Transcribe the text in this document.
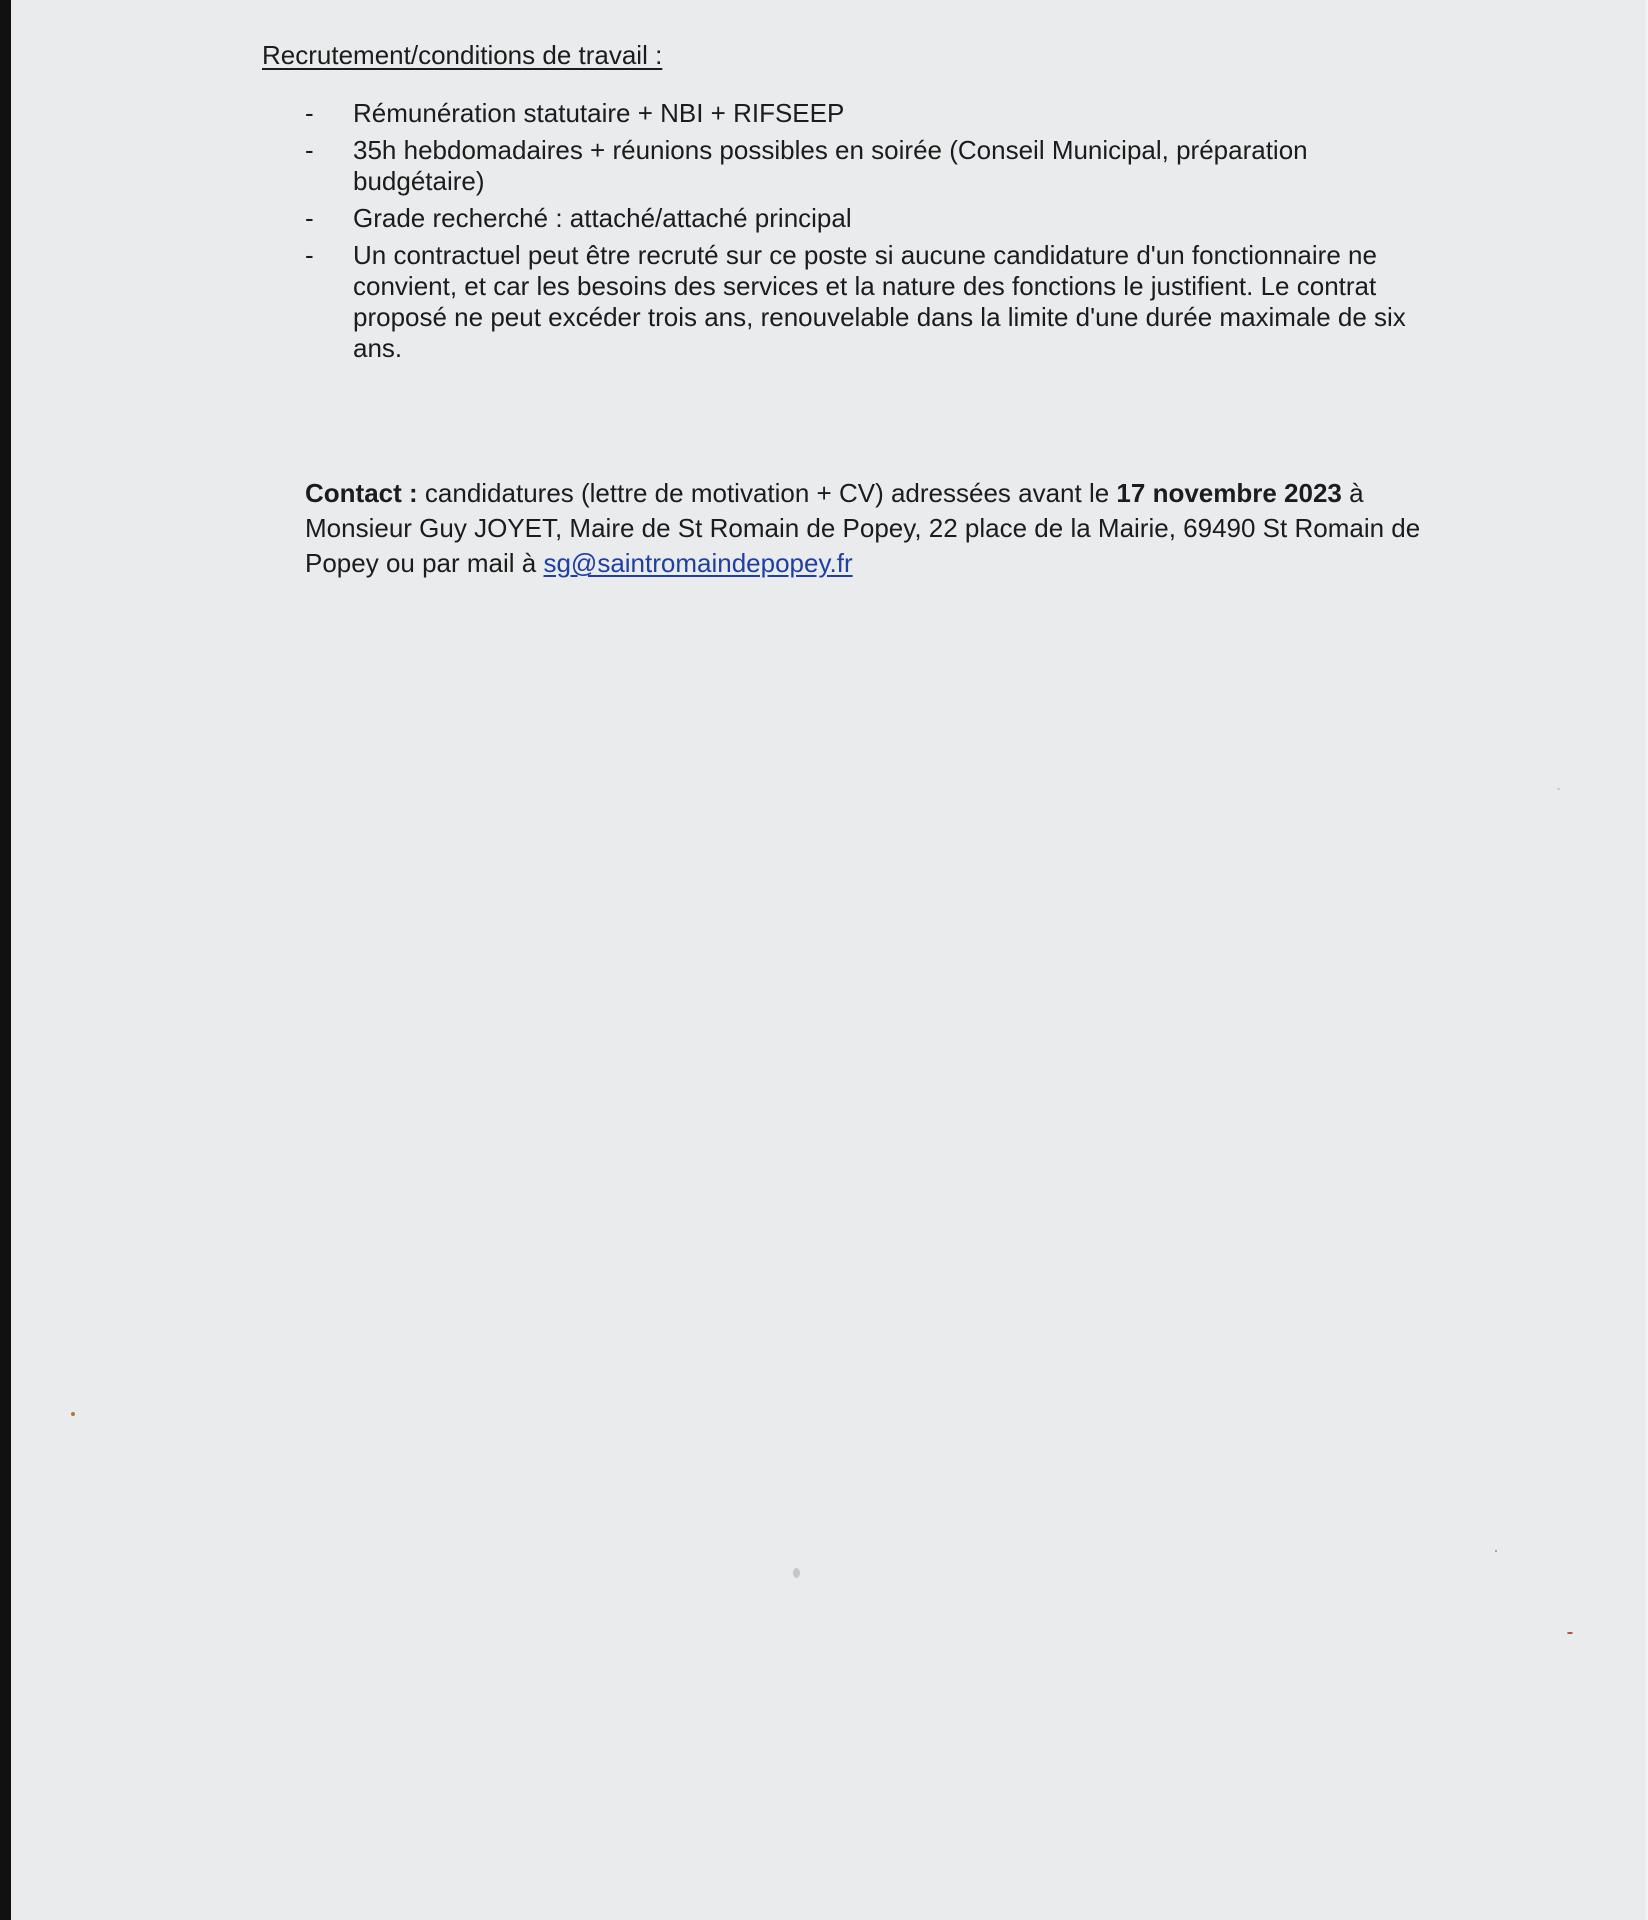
Recrutement/conditions de travail :
- Rémunération statutaire + NBI + RIFSEEP
- 35h hebdomadaires + réunions possibles en soirée (Conseil Municipal, préparation budgétaire)
- Grade recherché : attaché/attaché principal
- Un contractuel peut être recruté sur ce poste si aucune candidature d'un fonctionnaire ne convient, et car les besoins des services et la nature des fonctions le justifient. Le contrat proposé ne peut excéder trois ans, renouvelable dans la limite d'une durée maximale de six ans.

Contact : candidatures (lettre de motivation + CV) adressées avant le 17 novembre 2023 à Monsieur Guy JOYET, Maire de St Romain de Popey, 22 place de la Mairie, 69490 St Romain de Popey ou par mail à sg@saintromaindepopey.fr
